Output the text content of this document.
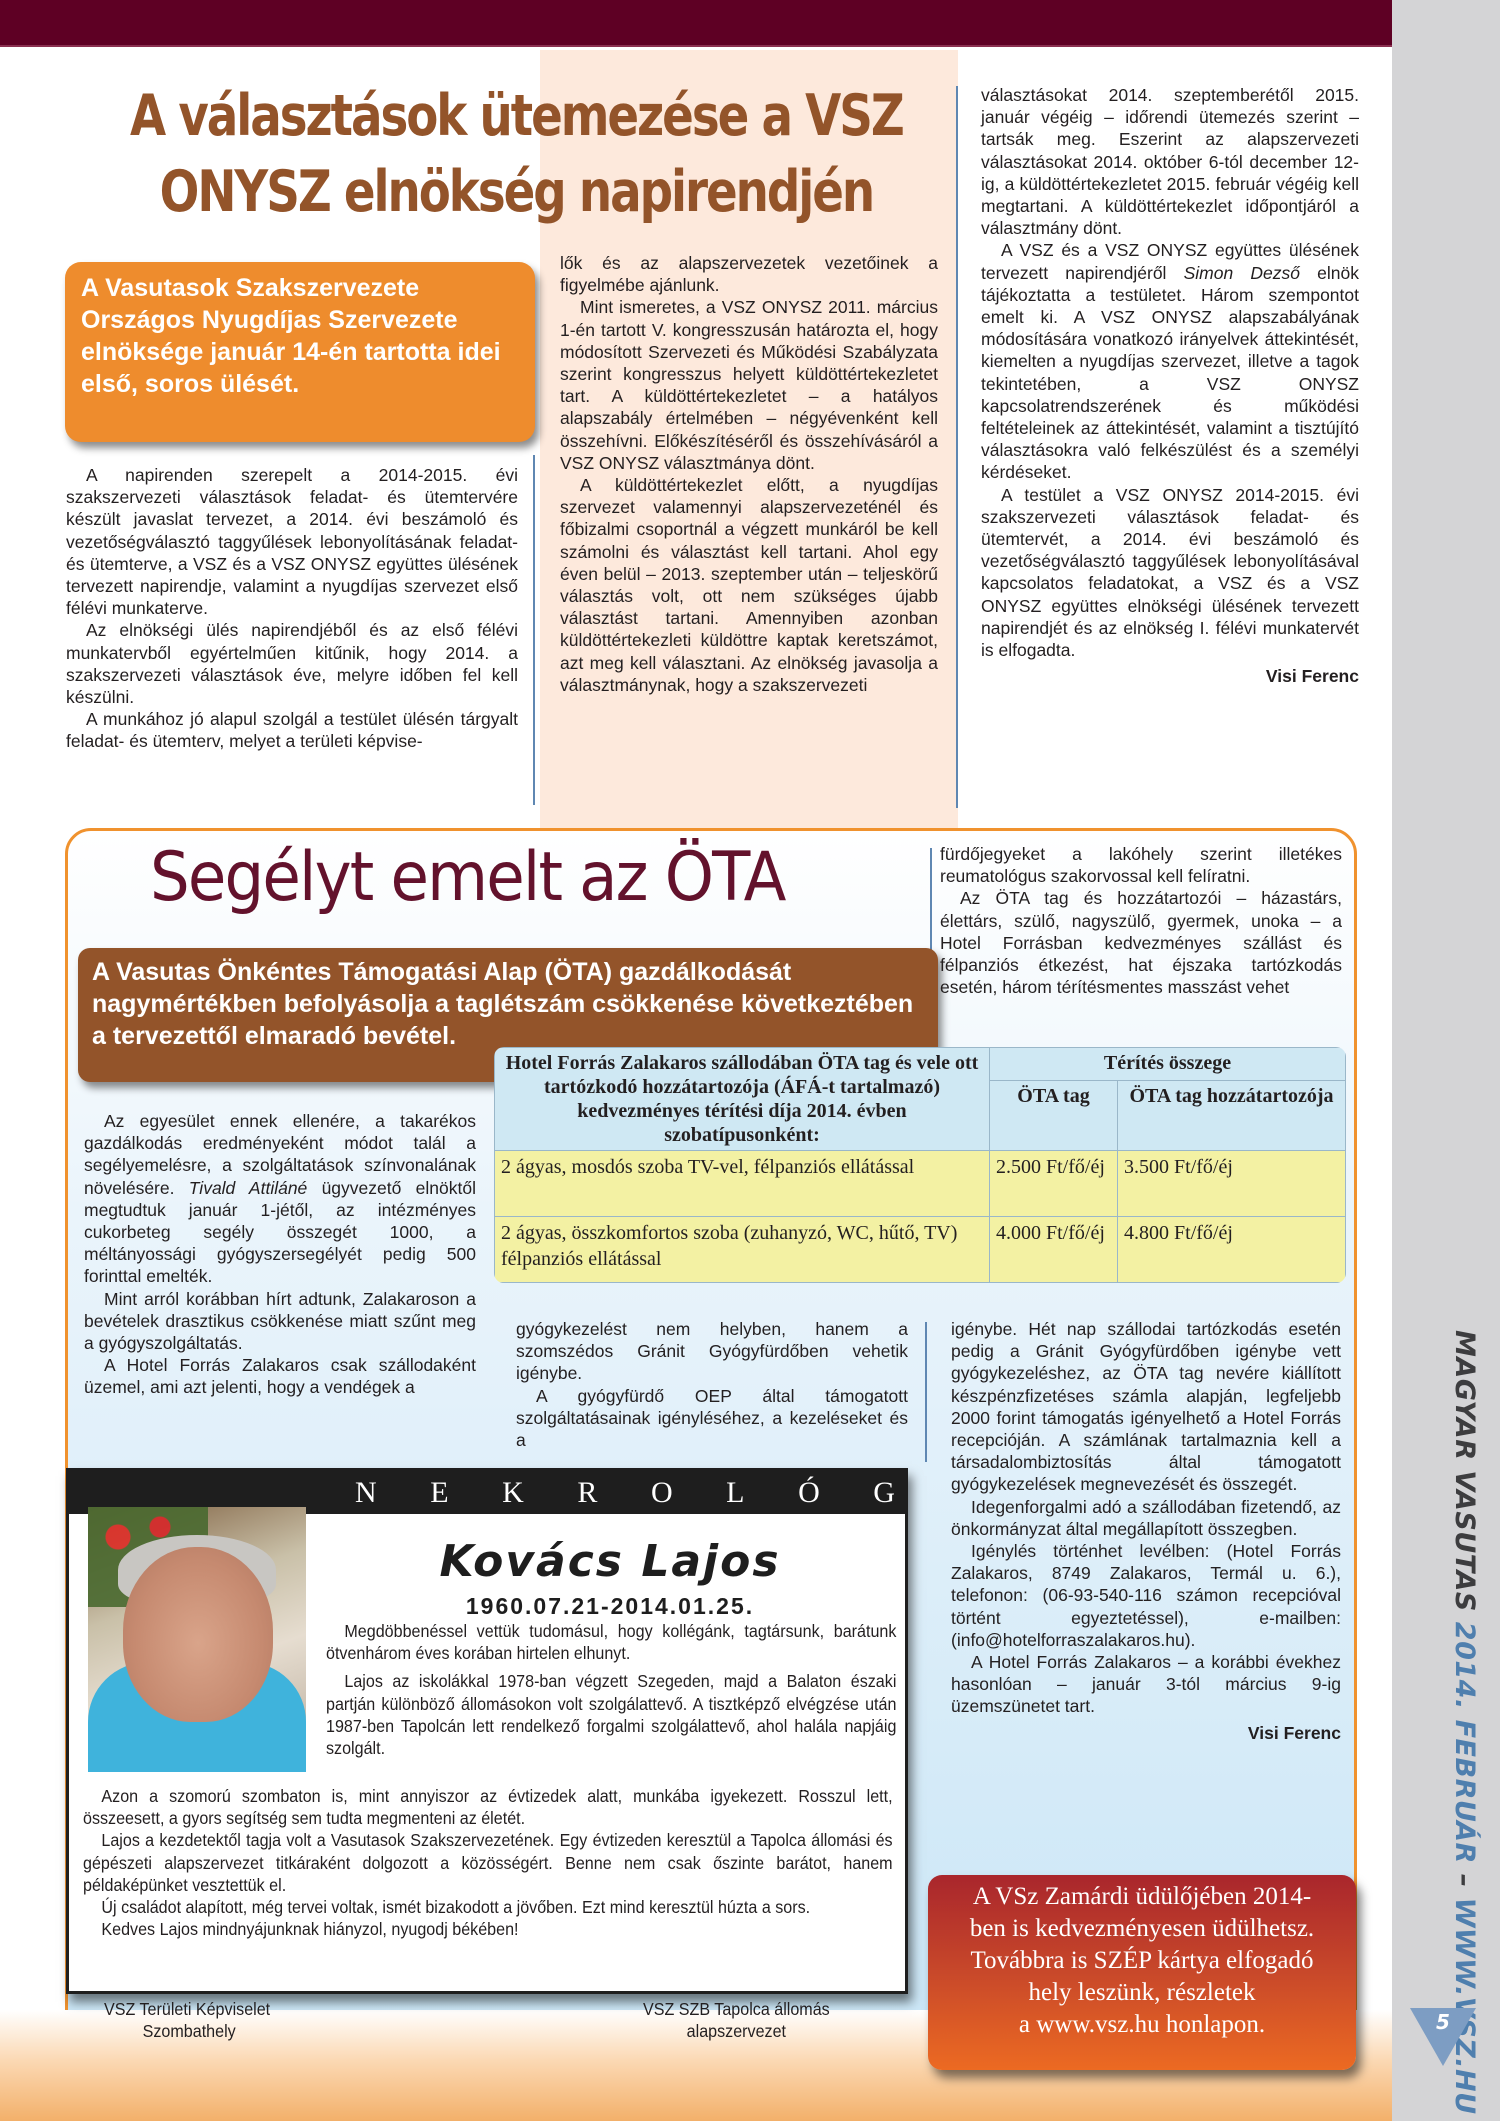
MAGYAR VASUTAS 2014. FEBRUÁR – WWW.VSZ.HU
5
A választások ütemezése a VSZ
ONYSZ elnökség napirendjén
A Vasutasok Szakszervezete Országos Nyugdíjas Szervezete elnöksége január 14-én tartotta idei első, soros ülését.

A napirenden szerepelt a 2014-2015. évi szakszervezeti választások feladat- és ütemtervére készült javaslat tervezet, a 2014. évi beszámoló és vezetőségválasztó taggyűlések lebonyolításának feladat- és ütemterve, a VSZ és a VSZ ONYSZ együttes ülésének tervezett napirendje, valamint a nyugdíjas szervezet első félévi munkaterve.

Az elnökségi ülés napirendjéből és az első félévi munkatervből egyértelműen kitűnik, hogy 2014. a szakszervezeti választások éve, melyre időben fel kell készülni.

A munkához jó alapul szolgál a testület ülésén tárgyalt feladat- és ütemterv, melyet a területi képvise-

lők és az alapszervezetek vezetőinek a figyelmébe ajánlunk.

Mint ismeretes, a VSZ ONYSZ 2011. március 1-én tartott V. kongresszusán határozta el, hogy módosított Szervezeti és Működési Szabályzata szerint kongresszus helyett küldöttértekezletet tart. A küldöttértekezletet – a hatályos alapszabály értelmében – négyévenként kell összehívni. Előkészítéséről és összehívásáról a VSZ ONYSZ választmánya dönt.

A küldöttértekezlet előtt, a nyugdíjas szervezet valamennyi alapszervezeténél és főbizalmi csoportnál a végzett munkáról be kell számolni és választást kell tartani. Ahol egy éven belül – 2013. szeptember után – teljeskörű választás volt, ott nem szükséges újabb választást tartani. Amennyiben azonban küldöttértekezleti küldöttre kaptak keretszámot, azt meg kell választani. Az elnökség javasolja a választmánynak, hogy a szakszervezeti

választásokat 2014. szeptemberétől 2015. január végéig – időrendi ütemezés szerint – tartsák meg. Eszerint az alapszervezeti választásokat 2014. október 6-tól december 12-ig, a küldöttértekezletet 2015. február végéig kell megtartani. A küldöttértekezlet időpontjáról a választmány dönt.

A VSZ és a VSZ ONYSZ együttes ülésének tervezett napirendjéről Simon Dezső elnök tájékoztatta a testületet. Három szempontot emelt ki. A VSZ ONYSZ alapszabályának módosítására vonatkozó irányelvek áttekintését, kiemelten a nyugdíjas szervezet, illetve a tagok tekintetében, a VSZ ONYSZ kapcsolatrendszerének és működési feltételeinek az áttekintését, valamint a tisztújító választásokra való felkészülést és a személyi kérdéseket.

A testület a VSZ ONYSZ 2014-2015. évi szakszervezeti választások feladat- és ütemtervét, a 2014. évi beszámoló és vezetőségválasztó taggyűlések lebonyolításával kapcsolatos feladatokat, a VSZ és a VSZ ONYSZ együttes elnökségi ülésének tervezett napirendjét és az elnökség I. félévi munkatervét is elfogadta.

Visi Ferenc

Segélyt emelt az ÖTA
A Vasutas Önkéntes Támogatási Alap (ÖTA) gazdálkodását nagymértékben befolyásolja a taglétszám csökkenése következtében a tervezettől elmaradó bevétel.

fürdőjegyeket a lakóhely szerint illetékes reumatológus szakorvossal kell felíratni.

Az ÖTA tag és hozzátartozói – házastárs, élettárs, szülő, nagyszülő, gyermek, unoka – a Hotel Forrásban kedvezményes szállást és félpanziós étkezést, hat éjszaka tartózkodás esetén, három térítésmentes masszást vehet

Hotel Forrás Zalakaros szállodában ÖTA tag és vele ott tartózkodó hozzátartozója (ÁFÁ-t tartalmazó) kedvezményes térítési díja 2014. évben szobatípusonként:	Térítés összege	
	ÖTA tag	ÖTA tag hozzátartozója
2 ágyas, mosdós szoba TV-vel, félpanziós ellátással	2.500 Ft/fő/éj	3.500 Ft/fő/éj
2 ágyas, összkomfortos szoba (zuhanyzó, WC, hűtő, TV) félpanziós ellátással	4.000 Ft/fő/éj	4.800 Ft/fő/éj

Az egyesület ennek ellenére, a takarékos gazdálkodás eredményeként módot talál a segélyemelésre, a szolgáltatások színvonalának növelésére. Tivald Attiláné ügyvezető elnöktől megtudtuk január 1-jétől, az intézményes cukorbeteg segély összegét 1000, a méltányossági gyógyszersegélyét pedig 500 forinttal emelték.

Mint arról korábban hírt adtunk, Zalakaroson a bevételek drasztikus csökkenése miatt szűnt meg a gyógyszolgáltatás.

A Hotel Forrás Zalakaros csak szállodaként üzemel, ami azt jelenti, hogy a vendégek a

gyógykezelést nem helyben, hanem a szomszédos Gránit Gyógyfürdőben vehetik igénybe.

A gyógyfürdő OEP által támogatott szolgáltatásainak igényléséhez, a kezeléseket és a

igénybe. Hét nap szállodai tartózkodás esetén pedig a Gránit Gyógyfürdőben igénybe vett gyógykezeléshez, az ÖTA tag nevére kiállított készpénzfizetéses számla alapján, legfeljebb 2000 forint támogatás igényelhető a Hotel Forrás recepcióján. A számlának tartalmaznia kell a társadalombiztosítás által támogatott gyógykezelések megnevezését és összegét.

Idegenforgalmi adó a szállodában fizetendő, az önkormányzat által megállapított összegben.

Igénylés történhet levélben: (Hotel Forrás Zalakaros, 8749 Zalakaros, Termál u. 6.), telefonon: (06-93-540-116 számon recepcióval történt egyeztetéssel), e-mailben: (info@hotelforraszalakaros.hu).

A Hotel Forrás Zalakaros – a korábbi évekhez hasonlóan – január 3-tól március 9-ig üzemszünetet tart.

Visi Ferenc

N E K R O L Ó G
Kovács Lajos
1960.07.21-2014.01.25.

Megdöbbenéssel vettük tudomásul, hogy kollégánk, tagtársunk, barátunk ötvenhárom éves korában hirtelen elhunyt.

Lajos az iskolákkal 1978-ban végzett Szegeden, majd a Balaton északi partján különböző állomásokon volt szolgálattevő. A tisztképző elvégzése után 1987-ben Tapolcán lett rendelkező forgalmi szolgálattevő, ahol halála napjáig szolgált.

Azon a szomorú szombaton is, mint annyiszor az évtizedek alatt, munkába igyekezett. Rosszul lett, összeesett, a gyors segítség sem tudta megmenteni az életét.

Lajos a kezdetektől tagja volt a Vasutasok Szakszervezetének. Egy évtizeden keresztül a Tapolca állomási és gépészeti alapszervezet titkáraként dolgozott a közösségért. Benne nem csak őszinte barátot, hanem példaképünket vesztettük el.

Új családot alapított, még tervei voltak, ismét bizakodott a jövőben. Ezt mind keresztül húzta a sors.

Kedves Lajos mindnyájunknak hiányzol, nyugodj békében!

VSZ Területi Képviselet
Szombathely
VSZ SZB Tapolca állomás
alapszervezet
A VSz Zamárdi üdülőjében 2014-
ben is kedvezményesen üdülhetsz.
Továbbra is SZÉP kártya elfogadó
hely leszünk, részletek
a www.vsz.hu honlapon.
